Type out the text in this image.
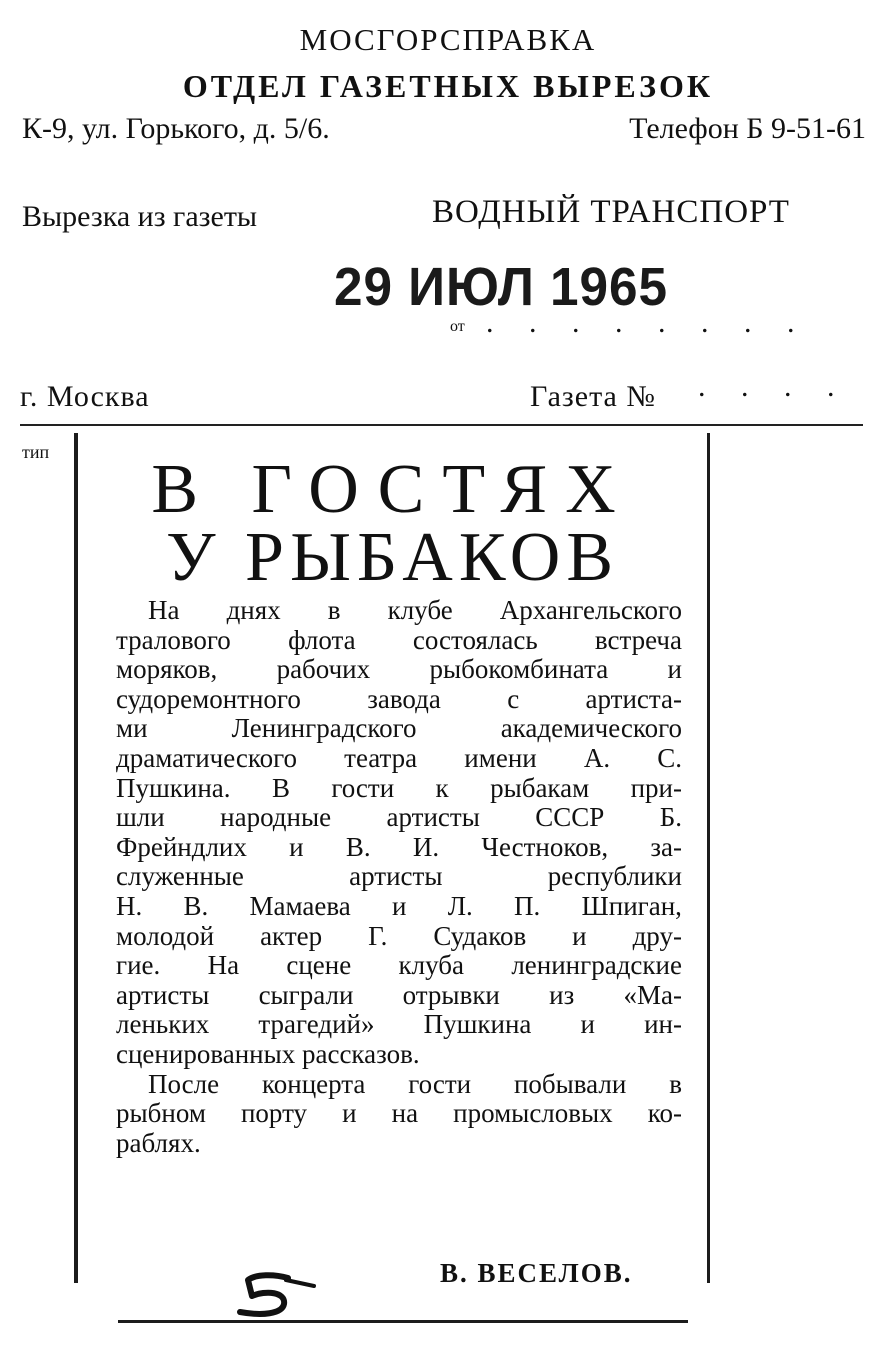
МОСГОРСПРАВКА
ОТДЕЛ ГАЗЕТНЫХ ВЫРЕЗОК
К-9, ул. Горького, д. 5/6.	Телефон Б 9-51-61
Вырезка из газеты	ВОДНЫЙ ТРАНСПОРТ
29 ИЮЛ 1965
от . . . . . . . .
г. Москва	Газета № . . . .
тип	В ГОСТЯХ
У РЫБАКОВ
На днях в клубе Архангельского
тралового флота состоялась встреча
моряков, рабочих рыбокомбината и
судоремонтного завода с артиста-
ми	Ленинградского	академического
драматического театра имени А. С.
Пушкина. В гости к рыбакам при-
шли народные артисты СССР Б.
Фрейндлих и В. И. Честноков, за-
служенные	артисты	республики
Н. В. Мамаева и Л. П. Шпиган,
молодой актер Г. Судаков и дру-
гие. На сцене клуба ленинградские
артисты сыграли отрывки из «Ма-
леньких трагедий» Пушкина и ин-
сценированных рассказов.
После концерта гости побывали в
рыбном порту и на промысловых ко-
раблях.
В. ВЕСЕЛОВ.
